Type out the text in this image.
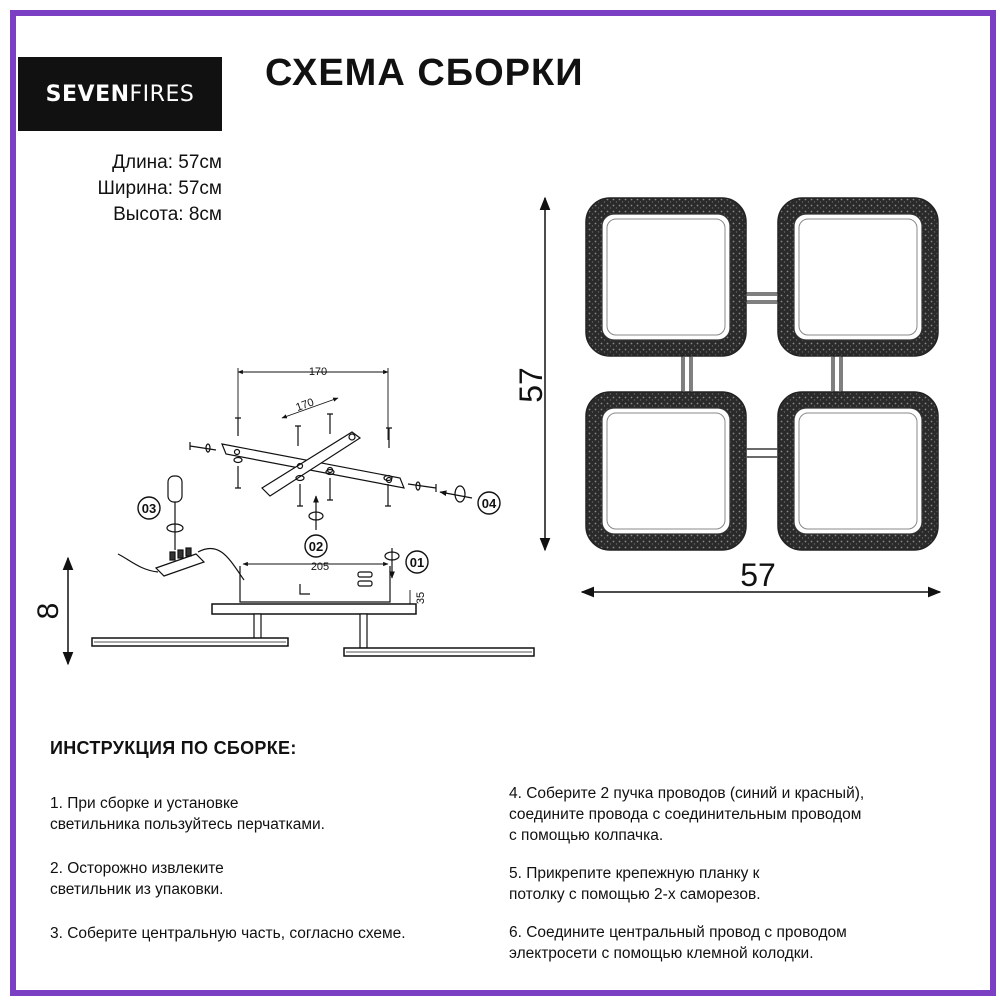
SEVEN FIRES СХЕМА СБОРКИ
Длина: 57см
Ширина: 57см
Высота: 8см
57
57
170
170
205
35
01
02
03	04
8
ИНСТРУКЦИЯ ПО СБОРКЕ:
1. При сборке и установке
светильника пользуйтесь перчатками.
2. Осторожно извлеките
светильник из упаковки.
3. Соберите центральную часть, согласно схеме.
4. Соберите 2 пучка проводов (синий и красный),
соедините провода с соединительным проводом
с помощью колпачка.
5. Прикрепите крепежную планку к
потолку с помощью 2-х саморезов.
6. Соедините центральный провод с проводом
электросети с помощью клемной колодки.
